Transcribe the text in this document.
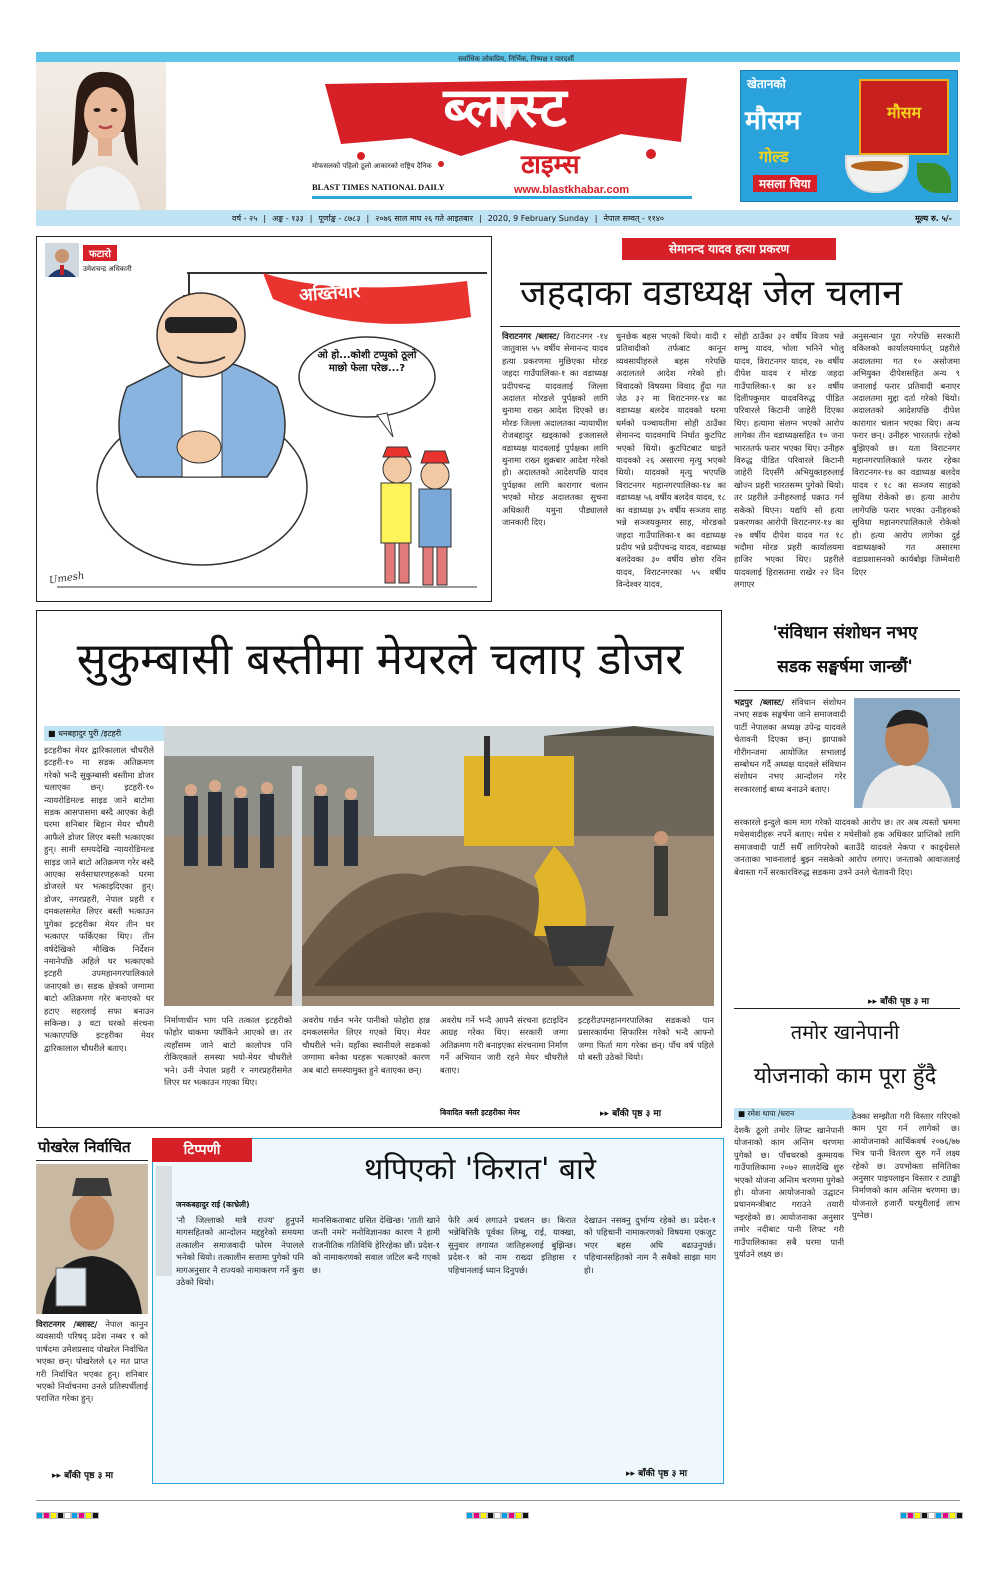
सर्वाधिक लोकप्रिय, निर्भिक, निष्पक्ष र पारदर्शी
ब्लास्ट
टाइम्स
मोफसलको पहिलो ठूलो आकारको राष्ट्रिय दैनिक
BLAST TIMES NATIONAL DAILY	www.blastkhabar.com
खेतानको
मौसम
गोल्ड
मसला चिया
मौसम
वर्ष - २५ | अङ्क - १३३ | पूर्णाङ्क - ८७८३ | २०७६ साल माघ २६ गते आइतबार | 2020, 9 February Sunday | नेपाल सम्वत् - ११४०	मूल्य रु. ५/-
फटारो
उमेशचन्द्र अधिकारी
अख्तियार
ओ हो...कोशी टप्पुको ठूलो माछो फेला परेछ...?
Umesh
सेमानन्द यादव हत्या प्रकरण
जहदाका वडाध्यक्ष जेल चलान
विराटनगर /ब्लास्ट/ विराटनगर -१४ जातुवास ५५ वर्षीय सेमानन्द यादव हत्या प्रकरणमा मुछिएका मोरङ जहदा गाउँपालिका-१ का वडाध्यक्ष प्रदीपचन्द्र यादवलाई जिल्ला अदालत मोरङले पुर्पक्षको लागि थुनामा राख्न आदेश दिएको छ। मोरङ जिल्ला अदालतका न्यायाधीश रोजबहादुर खड्काको इजलासले वडाध्यक्ष यादवलाई पुर्पक्षका लागि थुनामा राख्न शुक्रबार आदेश गरेको हो। अदालतको आदेशपछि यादव पुर्पक्षका लागि कारागार चलान भएको मोरङ अदालतका सुचना अधिकारी यमुना पौड्यालले जानकारी दिए।
धुनछेक बहस भएको थियो। वादी र प्रतिवादीको तर्फबाट कानून व्यवसायीहरुले बहस गरेपछि अदालतले आदेश गरेको हो। विवादको विषयमा विवाद हुँदा गत जेठ ३२ मा विराटनगर-१४ का वडाध्यक्ष बलदेव यादवको घरमा धर्मको पञ्चायतीमा सोही ठाउँका सेमानन्द यादवमाथि निर्घात कुटपिट भएको थियो। कुटपिटबाट घाइते यादवको २६ असारमा मृत्यु भएको थियो। यादवको मृत्यु भएपछि विराटनगर महानगरपालिका-१४ का वडाध्यक्ष ५६ वर्षीय बलदेव यादव, १८ का वडाध्यक्ष ३५ वर्षीय सञ्जय साह भन्ने सञ्जयकुमार साह, मोरङको जहदा गाउँपालिका-१ का वडाध्यक्ष प्रदीप भन्ने प्रदीपचन्द्र यादव, वडाध्यक्ष बलदेवका ३० वर्षीय छोरा रविन यादव, विराटनगरका ५५ वर्षीय विन्देश्वर यादव,
सोही ठाउँका ३२ वर्षीय विजय भन्ने शम्भु यादव, भोला भनिने भोलु यादव, विराटनगर यादव, २७ वर्षीय दीपेश यादव र मोरङ जहदा गाउँपालिका-१ का ४२ वर्षीय दिलीपकुमार यादवविरुद्ध पीडित परिवारले किटानी जाहेरी दिएका थिए। हत्यामा संलग्न भएको आरोप लागेका तीन वडाध्यक्षसहित १० जना भारततर्फ फरार भएका थिए। उनीहरु विरुद्ध पीडित परिवारले किटानी जाहेरी दिएसँगै अभियुक्तहरुलाई खोज्न प्रहरी भारतसम्म पुगेको थियो। तर प्रहरीले उनीहरुलाई पक्राउ गर्न सकेको थिएन। यद्यपि सो हत्या प्रकरणका आरोपी विराटनगर-१४ का २७ वर्षीय दीपेश यादव गत १८ भदौमा मोरङ प्रहरी कार्यालयमा हाजिर भएका थिए। प्रहरीले यादवलाई हिरासतमा राखेर २२ दिन लगाएर
अनुसन्धान पूरा गरेपछि सरकारी वकिलको कार्यालयमार्फत् प्रहरीले अदालतमा गत १० असोजमा अभियुक्त दीपेशसहित अन्य ९ जनालाई फरार प्रतिवादी बनाएर अदालतमा मुद्दा दर्ता गरेको थियो। अदालतको आदेशपछि दीपेश कारागार चलान भएका थिए। अन्य फरार छन्। उनीहरु भारततर्फ रहेको बुझिएको छ। यता विराटनगर महानगरपालिकाले फरार रहेका विराटनगर-१४ का वडाध्यक्ष बलदेव यादव र १८ का सञ्जय साहको सुविधा रोकेको छ। हत्या आरोप लागेपछि फरार भएका उनीहरुको सुविधा महानगरपालिकाले रोकेको हो। हत्या आरोप लागेका दुई वडाध्यक्षको गत असारमा वडाप्रशासनको कार्यबोझ जिम्मेवारी दिएर
सुकुम्बासी बस्तीमा मेयरले चलाए डोजर
■ धनबहादुर पुरी /इटहरी
इटहरीका मेयर द्वारिकालाल चौधरीले इटहरी-१० मा सडक अतिक्रमण गरेको भन्दै सुकुम्बासी बस्तीमा डोजर चलाएका छन्। इटहरी-१० न्यायरोडिमल्ड साइड जाने बाटोमा सडक आसपासमा बस्दै आएका केही घरमा शनिबार बिहान मेयर चौधरी आफैले डोजर लिएर बस्ती भत्काएका हुन्। सामी समयदेखि न्यायरोडिमल्ड साइड जाने बाटो अतिक्रमण गरेर बस्दै आएका सर्वसाधारणहरूको घरमा डोजरले घर भत्काइदिएका हुन्। डोजर, नगरप्रहरी, नेपाल प्रहरी र दमकलसमेत लिएर बस्ती भत्काउन पुगेका इटहरीका मेयर तीन घर भत्काएर फर्किएका थिए। तीन वर्षदेखिको मौखिक निर्देशन नमानेपछि अहिले घर भत्काएको इटहरी उपमहानगरपालिकाले जनाएको छ। सडक क्षेत्रको जग्गामा बाटो अतिक्रमण गरेर बनाएको घर हटाए सहरलाई सफा बनाउन सकिन्छ। ३ वटा घरको संरचना भत्काएपछि इटहरीका मेयर द्वारिकालाल चौधरीले बताए।
निर्माणाधीन भाग पनि तत्काल इटहरीको फोहोर थाकमा फ्याँकिने आएको छ। तर त्यहाँसम्म जाने बाटो कालोपत्र पनि रोकिएकाले समस्या भयो-मेयर चौधरीले भने। उनी नेपाल प्रहरी र नगरप्रहरीसमेत लिएर घर भत्काउन गएका थिए।
अवरोध गर्छन भनेर पानीको फोहोरा हान्न दमकलसमेत लिएर गएको थिए। मेयर चौधरीले भने। यहाँका स्थानीयले सडकको जग्गामा बनेका घरहरू भत्काएको कारण अब बाटो समस्यामुक्त हुने बताएका छन्।
अवरोध गर्ने भन्दै आफ्नै संरचना हटाइदिन आग्रह गरेका थिए। सरकारी जग्गा अतिक्रमण गरी बनाइएका संरचनामा निर्माण गर्ने अभियान जारी रहने मेयर चौधरीले बताए।
इटहरीउपमहानगरपालिका सडकको पान प्रसारकार्यमा सिफारिस गरेको भन्दै आफ्नो जग्गा फिर्ता माग गरेका छन्। पाँच वर्ष पहिले यो बस्ती उठेको थियो।
बिवादित बस्ती इटहरीका मेयर	▸▸ बाँकी पृष्ठ ३ मा
'संविधान संशोधन नभए
सडक सङ्घर्षमा जान्छौं'
भद्रपुर /ब्लास्ट/ संविधान संशोधन नभए सडक सङ्घर्षमा जाने समाजवादी पार्टी नेपालका अध्यक्ष उपेन्द्र यादवले चेतावनी दिएका छन्। झापाको गौरीगन्जमा आयोजित सभालाई सम्बोधन गर्दै अध्यक्ष यादवले संविधान संशोधन नभए आन्दोलन गरेर सरकारलाई बाध्य बनाउने बताए।
सरकारले इन्दुले काम माग गरेको यादवको आरोप छ। तर अब त्यस्तो भ्रममा मधेसवादीहरू नपर्ने बताए। मधेस र मधेसीको हक अधिकार प्राप्तिको लागि समाजवादी पार्टी सधैँ लागिपरेको बताउँदै यादवले नेकपा र काङ्ग्रेसले जनताका भावनालाई बुझ्न नसकेको आरोप लगाए। जनताको आवाजलाई बेवास्ता गर्ने सरकारविरुद्ध सडकमा उत्रने उनले चेतावनी दिए।
▸▸ बाँकी पृष्ठ ३ मा
तमोर खानेपानी
योजनाको काम पूरा हुँदै
■ रमेश थापा /धरान
देशकै ठूलो तमोर लिफ्ट खानेपानी योजनाको काम अन्तिम चरणमा पुगेको छ। पाँचथरको कुम्मायक गाउँपालिकामा २०७२ सालदेखि शुरु भएको योजना अन्तिम चरणमा पुगेको हो। योजना आयोजनाको उद्घाटन प्रधानमन्त्रीबाट गराउने तयारी भइरहेको छ। आयोजनाका अनुसार तमोर नदीबाट पानी लिफ्ट गरी गाउँपालिकाका सबै घरमा पानी पुर्याउने लक्ष्य छ।
ठेक्का सम्झौता गरी विस्तार गरिएको काम पूरा गर्न लागेको छ। आयोजनाको आर्थिकवर्ष २०७६/७७ भित्र पानी वितरण सुरु गर्ने लक्ष्य रहेको छ। उपभोक्ता समितिका अनुसार पाइपलाइन विस्तार र ट्याङ्की निर्माणको काम अन्तिम चरणमा छ। योजनाले हजारौं घरधुरीलाई लाभ पुग्नेछ।
पोखरेल निर्वाचित
विराटनगर /ब्लास्ट/ नेपाल कानुन व्यवसायी परिषद् प्रदेश नम्बर १ को पार्षदमा उमेशप्रसाद पोखरेल निर्वाचित भएका छन्। पोखरेलले ६२ मत प्राप्त गरी निर्वाचित भएका हुन्। शनिबार भएको निर्वाचनमा उनले प्रतिस्पर्धीलाई पराजित गरेका हुन्।
▸▸ बाँकी पृष्ठ ३ मा
टिप्पणी
थपिएको 'किरात' बारे
जनकबहादुर राई (काभ्रेली)
'नौ जिल्लाको मात्रै राज्य' हुनुपर्ने मागसहितको आन्दोलन मद्दहुरेको समयमा तत्कालीन समाजवादी फोरम नेपालले भनेको थियो। तत्कालीन सत्तामा पुगेको पनि मागअनुसार नै राज्यको नामाकरण गर्ने कुरा उठेको थियो।
मानसिकताबाट ग्रसित देखिन्छ। 'ताती खाने जन्ती नमरे' मनोविज्ञानका कारण नै हामी राजनीतिक गतिविधि हेरिरहेका छौं। प्रदेश-१ को नामाकरणको सवाल जटिल बन्दै गएको छ।
फेरि अर्थ लगाउने प्रचलन छ। किरात भन्नेबित्तिकै पूर्वका लिम्बू, राई, याक्खा, सुनुवार लगायत जातिहरूलाई बुझिन्छ। प्रदेश-१ को नाम राख्दा इतिहास र पहिचानलाई ध्यान दिनुपर्छ।
देखाउन नसक्नु दुर्भाग्य रहेको छ। प्रदेश-१ को पहिचानी नामाकरणको विषयमा एकजुट भएर बहस अघि बढाउनुपर्छ। पहिचानसहितको नाम नै सबैको साझा माग हो।
▸▸ बाँकी पृष्ठ ३ मा
